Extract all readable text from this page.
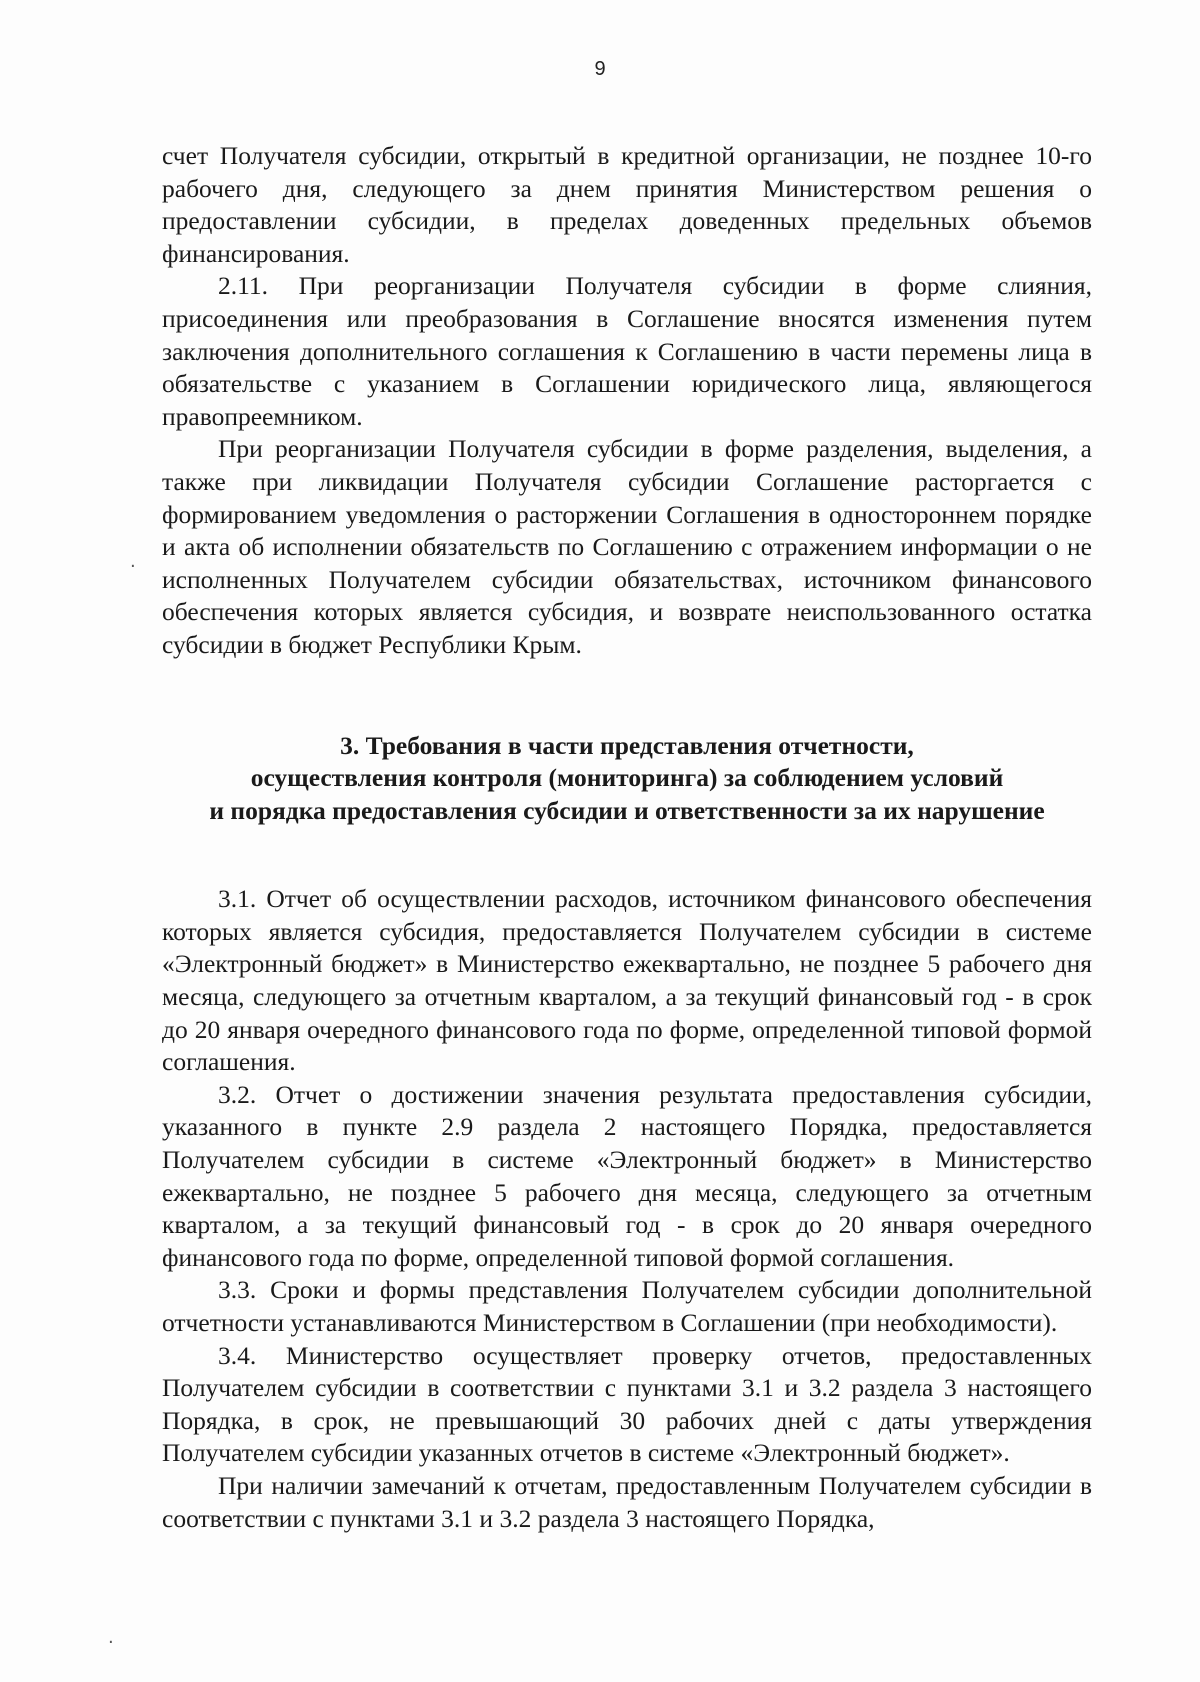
9

счет Получателя субсидии, открытый в кредитной организации, не позднее 10-го рабочего дня, следующего за днем принятия Министерством решения о предоставлении субсидии, в пределах доведенных предельных объемов финансирования.

2.11. При реорганизации Получателя субсидии в форме слияния, присоединения или преобразования в Соглашение вносятся изменения путем заключения дополнительного соглашения к Соглашению в части перемены лица в обязательстве с указанием в Соглашении юридического лица, являющегося правопреемником.

При реорганизации Получателя субсидии в форме разделения, выделения, а также при ликвидации Получателя субсидии Соглашение расторгается с формированием уведомления о расторжении Соглашения в одностороннем порядке и акта об исполнении обязательств по Соглашению с отражением информации о не исполненных Получателем субсидии обязательствах, источником финансового обеспечения которых является субсидия, и возврате неиспользованного остатка субсидии в бюджет Республики Крым.

3. Требования в части представления отчетности,
осуществления контроля (мониторинга) за соблюдением условий
и порядка предоставления субсидии и ответственности за их нарушение

3.1. Отчет об осуществлении расходов, источником финансового обеспечения которых является субсидия, предоставляется Получателем субсидии в системе «Электронный бюджет» в Министерство ежеквартально, не позднее 5 рабочего дня месяца, следующего за отчетным кварталом, а за текущий финансовый год - в срок до 20 января очередного финансового года по форме, определенной типовой формой соглашения.

3.2. Отчет о достижении значения результата предоставления субсидии, указанного в пункте 2.9 раздела 2 настоящего Порядка, предоставляется Получателем субсидии в системе «Электронный бюджет» в Министерство ежеквартально, не позднее 5 рабочего дня месяца, следующего за отчетным кварталом, а за текущий финансовый год - в срок до 20 января очередного финансового года по форме, определенной типовой формой соглашения.

3.3. Сроки и формы представления Получателем субсидии дополнительной отчетности устанавливаются Министерством в Соглашении (при необходимости).

3.4. Министерство осуществляет проверку отчетов, предоставленных Получателем субсидии в соответствии с пунктами 3.1 и 3.2 раздела 3 настоящего Порядка, в срок, не превышающий 30 рабочих дней с даты утверждения Получателем субсидии указанных отчетов в системе «Электронный бюджет».

При наличии замечаний к отчетам, предоставленным Получателем субсидии в соответствии с пунктами 3.1 и 3.2 раздела 3 настоящего Порядка,

·
·
